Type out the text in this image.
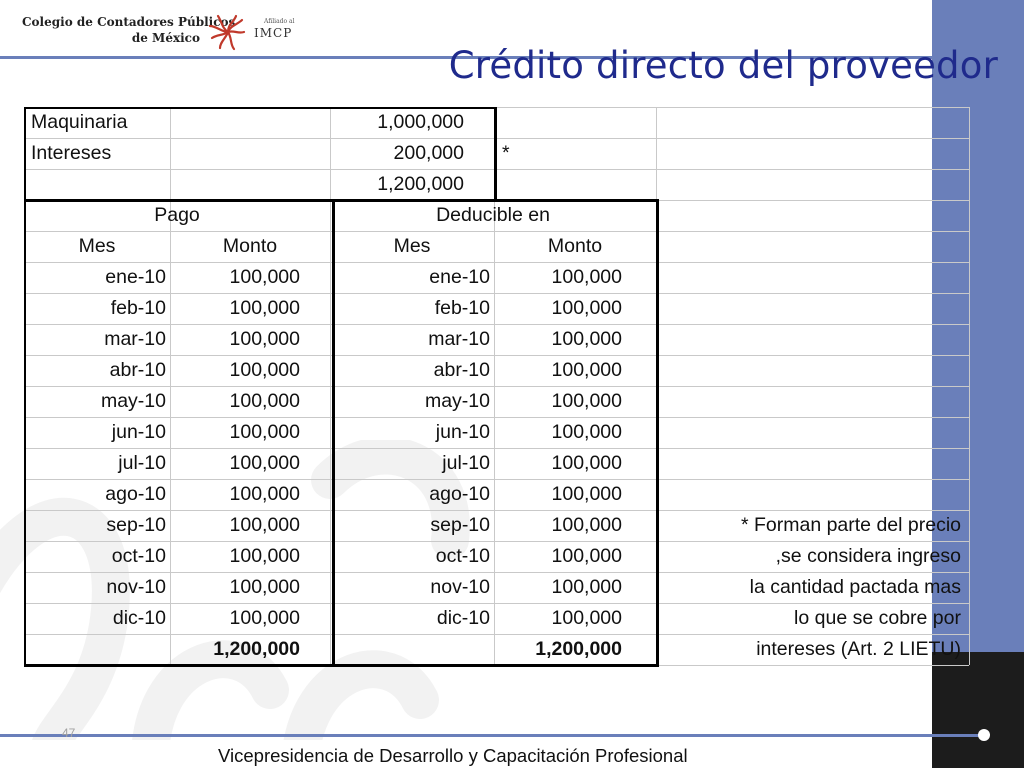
Colegio de Contadores Públicos
de México
Afiliado al
IMCP
Crédito directo del proveedor
Maquinaria	1,000,000
Intereses	200,000 *
1,200,000
Pago	Deducible en
Mes	Monto	Mes	Monto
ene-10	100,000	ene-10	100,000
feb-10	100,000	feb-10	100,000
mar-10	100,000	mar-10	100,000
abr-10	100,000	abr-10	100,000
may-10	100,000	may-10	100,000
jun-10	100,000	jun-10	100,000
jul-10	100,000	jul-10	100,000
ago-10	100,000	ago-10	100,000
sep-10	100,000	sep-10	100,000
oct-10	100,000	oct-10	100,000
nov-10	100,000	nov-10	100,000
dic-10	100,000	dic-10	100,000
1,200,000	1,200,000
* Forman parte del precio
,se considera ingreso
la cantidad pactada mas
lo que se cobre por
intereses (Art. 2 LIETU)
47
Vicepresidencia de Desarrollo y Capacitación Profesional
